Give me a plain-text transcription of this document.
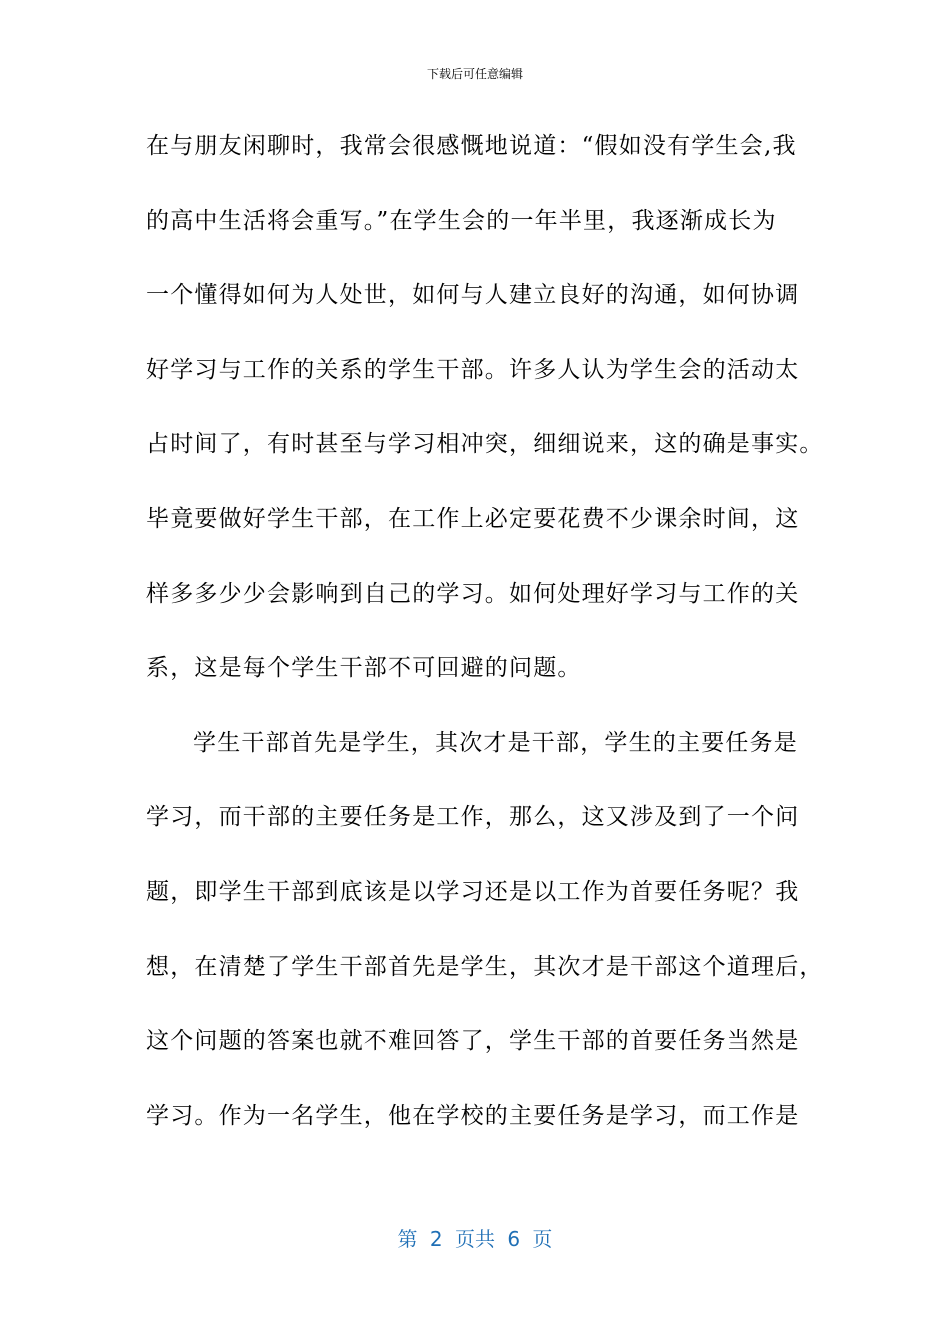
下载后可任意编辑
在与朋友闲聊时，我常会很感慨地说道：“假如没有学生会,我
的高中生活将会重写。”在学生会的一年半里，我逐渐成长为
一个懂得如何为人处世，如何与人建立良好的沟通，如何协调
好学习与工作的关系的学生干部。许多人认为学生会的活动太
占时间了，有时甚至与学习相冲突，细细说来，这的确是事实。
毕竟要做好学生干部，在工作上必定要花费不少课余时间，这
样多多少少会影响到自己的学习。如何处理好学习与工作的关
系，这是每个学生干部不可回避的问题。
学生干部首先是学生，其次才是干部，学生的主要任务是
学习，而干部的主要任务是工作，那么，这又涉及到了一个问
题，即学生干部到底该是以学习还是以工作为首要任务呢？我
想，在清楚了学生干部首先是学生，其次才是干部这个道理后，
这个问题的答案也就不难回答了，学生干部的首要任务当然是
学习。作为一名学生，他在学校的主要任务是学习，而工作是
第 2 页共 6 页
